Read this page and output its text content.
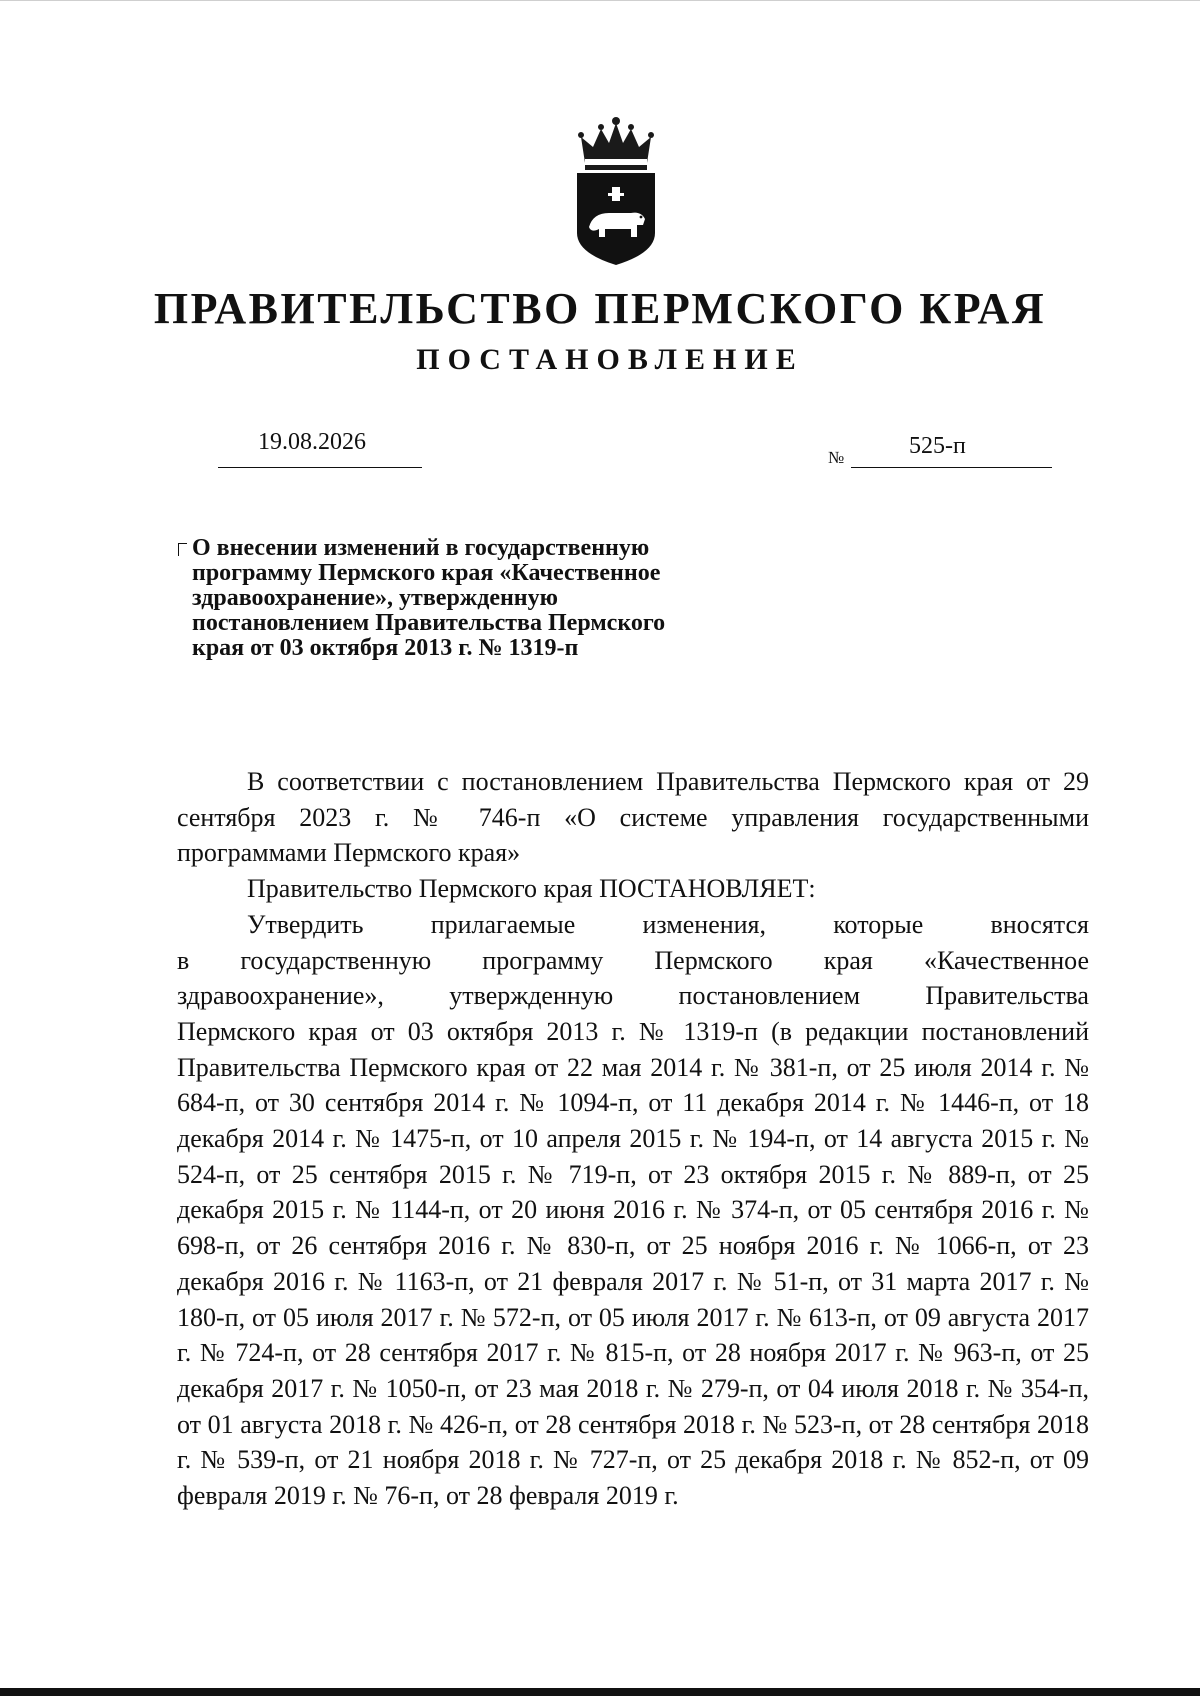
ПРАВИТЕЛЬСТВО ПЕРМСКОГО КРАЯ
ПОСТАНОВЛЕНИЕ
19.08.2026
№	525-п
О внесении изменений в государственную
программу Пермского края «Качественное
здравоохранение», утвержденную
постановлением Правительства Пермского
края от 03 октября 2013 г. № 1319-п

В соответствии с постановлением Правительства Пермского края от 29 сентября 2023 г. № 746-п «О системе управления государственными программами Пермского края»

Правительство Пермского края ПОСТАНОВЛЯЕТ:

Утвердить	прилагаемые	изменения,	которые	вносятся
в государственную программу Пермского края «Качественное
здравоохранение»,	утвержденную	постановлением	Правительства

Пермского края от 03 октября 2013 г. № 1319-п (в редакции постановлений Правительства Пермского края от 22 мая 2014 г. № 381-п, от 25 июля 2014 г. № 684-п, от 30 сентября 2014 г. № 1094-п, от 11 декабря 2014 г. № 1446-п, от 18 декабря 2014 г. № 1475-п, от 10 апреля 2015 г. № 194-п, от 14 августа 2015 г. № 524-п, от 25 сентября 2015 г. № 719-п, от 23 октября 2015 г. № 889-п, от 25 декабря 2015 г. № 1144-п, от 20 июня 2016 г. № 374-п, от 05 сентября 2016 г. № 698-п, от 26 сентября 2016 г. № 830-п, от 25 ноября 2016 г. № 1066-п, от 23 декабря 2016 г. № 1163-п, от 21 февраля 2017 г. № 51-п, от 31 марта 2017 г. № 180-п, от 05 июля 2017 г. № 572-п, от 05 июля 2017 г. № 613-п, от 09 августа 2017 г. № 724-п, от 28 сентября 2017 г. № 815-п, от 28 ноября 2017 г. № 963-п, от 25 декабря 2017 г. № 1050-п, от 23 мая 2018 г. № 279-п, от 04 июля 2018 г. № 354-п, от 01 августа 2018 г. № 426-п, от 28 сентября 2018 г. № 523-п, от 28 сентября 2018 г. № 539-п, от 21 ноября 2018 г. № 727-п, от 25 декабря 2018 г. № 852-п, от 09 февраля 2019 г. № 76-п, от 28 февраля 2019 г.
